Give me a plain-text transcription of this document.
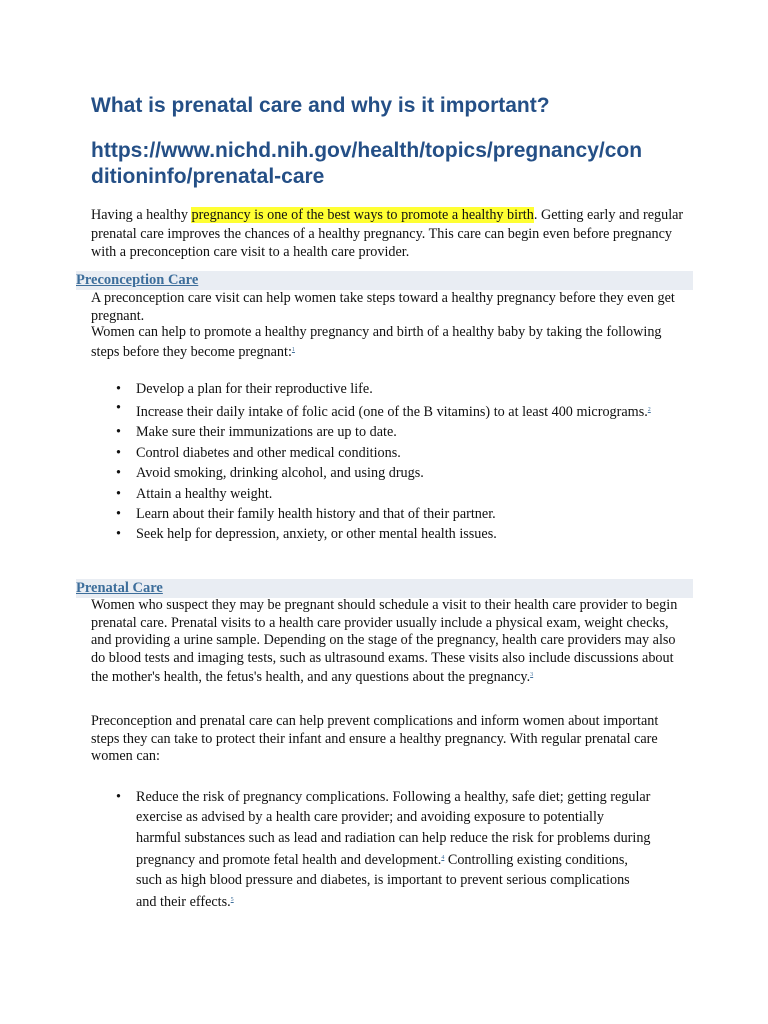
What is prenatal care and why is it important?
https://www.nichd.nih.gov/health/topics/pregnancy/con
ditioninfo/prenatal-care

Having a healthy pregnancy is one of the best ways to promote a healthy birth. Getting early and regular prenatal care improves the chances of a healthy pregnancy. This care can begin even before pregnancy with a preconception care visit to a health care provider.

Preconception Care

A preconception care visit can help women take steps toward a healthy pregnancy before they even get pregnant.

Women can help to promote a healthy pregnancy and birth of a healthy baby by taking the following steps before they become pregnant:$^1$

• Develop a plan for their reproductive life.
• Increase their daily intake of folic acid (one of the B vitamins) to at least 400 micrograms.$^2$
• Make sure their immunizations are up to date.
• Control diabetes and other medical conditions.
• Avoid smoking, drinking alcohol, and using drugs.
• Attain a healthy weight.
• Learn about their family health history and that of their partner.
• Seek help for depression, anxiety, or other mental health issues.
Prenatal Care

Women who suspect they may be pregnant should schedule a visit to their health care provider to begin prenatal care. Prenatal visits to a health care provider usually include a physical exam, weight checks, and providing a urine sample. Depending on the stage of the pregnancy, health care providers may also do blood tests and imaging tests, such as ultrasound exams. These visits also include discussions about the mother's health, the fetus's health, and any questions about the pregnancy.$^3$

Preconception and prenatal care can help prevent complications and inform women about important steps they can take to protect their infant and ensure a healthy pregnancy. With regular prenatal care women can:

• Reduce the risk of pregnancy complications. Following a healthy, safe diet; getting regular exercise as advised by a health care provider; and avoiding exposure to potentially harmful substances such as lead and radiation can help reduce the risk for problems during pregnancy and promote fetal health and development.$^4$ Controlling existing conditions, such as high blood pressure and diabetes, is important to prevent serious complications and their effects.$^5$
